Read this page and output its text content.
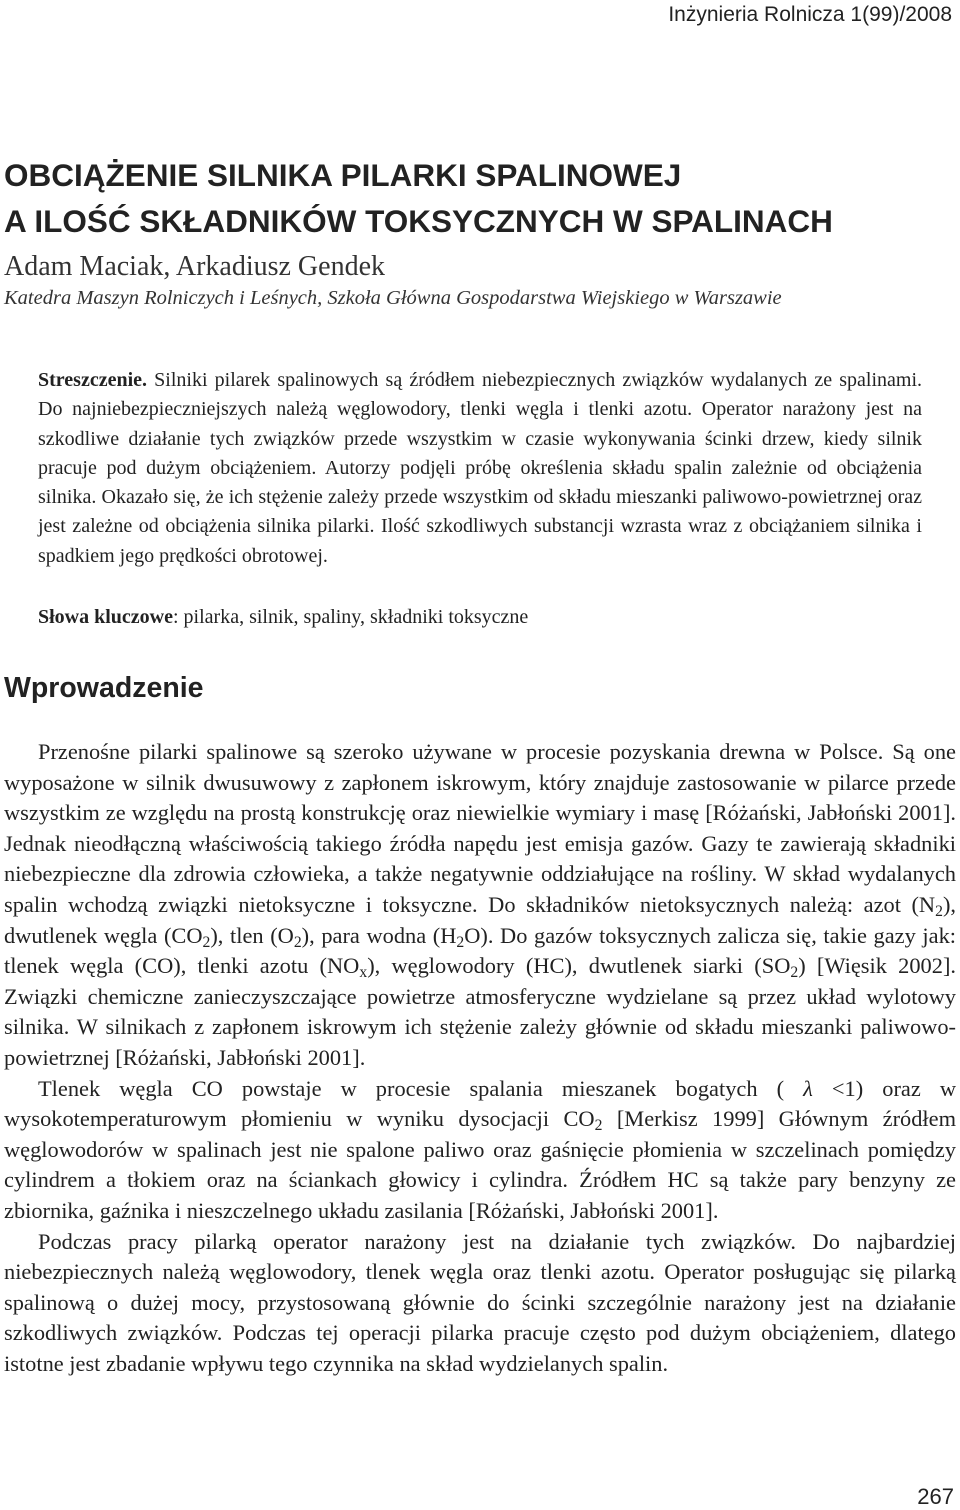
Inżynieria Rolnicza 1(99)/2008

OBCIĄŻENIE SILNIKA PILARKI SPALINOWEJ
A ILOŚĆ SKŁADNIKÓW TOKSYCZNYCH W SPALINACH

Adam Maciak, Arkadiusz Gendek

Katedra Maszyn Rolniczych i Leśnych, Szkoła Główna Gospodarstwa Wiejskiego w Warszawie

Streszczenie. Silniki pilarek spalinowych są źródłem niebezpiecznych związków wydalanych ze spalinami. Do najniebezpieczniejszych należą węglowodory, tlenki węgla i tlenki azotu. Operator narażony jest na szkodliwe działanie tych związków przede wszystkim w czasie wykonywania ścinki drzew, kiedy silnik pracuje pod dużym obciążeniem. Autorzy podjęli próbę określenia składu spalin zależnie od obciążenia silnika. Okazało się, że ich stężenie zależy przede wszystkim od składu mieszanki paliwowo-powietrznej oraz jest zależne od obciążenia silnika pilarki. Ilość szkodliwych substancji wzrasta wraz z obciążaniem silnika i spadkiem jego prędkości obrotowej.

Słowa kluczowe: pilarka, silnik, spaliny, składniki toksyczne

Wprowadzenie

Przenośne pilarki spalinowe są szeroko używane w procesie pozyskania drewna w Polsce. Są one wyposażone w silnik dwusuwowy z zapłonem iskrowym, który znajduje zastosowanie w pilarce przede wszystkim ze względu na prostą konstrukcję oraz niewielkie wymiary i masę [Różański, Jabłoński 2001]. Jednak nieodłączną właściwością takiego źródła napędu jest emisja gazów. Gazy te zawierają składniki niebezpieczne dla zdrowia człowieka, a także negatywnie oddziałujące na rośliny. W skład wydalanych spalin wchodzą związki nietoksyczne i toksyczne. Do składników nietoksycznych należą: azot $(N_2)$, dwutlenek węgla $(CO_2)$, tlen $(O_2)$, para wodna $(H_2O)$. Do gazów toksycznych zalicza się, takie gazy jak: tlenek węgla (CO), tlenki azotu $(NO_x)$, węglowodory (HC), dwutlenek siarki $(SO_2)$ [Więsik 2002]. Związki chemiczne zanieczyszczające powietrze atmosferyczne wydzielane są przez układ wylotowy silnika. W silnikach z zapłonem iskrowym ich stężenie zależy głównie od składu mieszanki paliwowo-powietrznej [Różański, Jabłoński 2001].

Tlenek węgla CO powstaje w procesie spalania mieszanek bogatych ( λ <1) oraz w wysokotemperaturowym płomieniu w wyniku dysocjacji $CO_2$ [Merkisz 1999] Głównym źródłem węglowodorów w spalinach jest nie spalone paliwo oraz gaśnięcie płomienia w szczelinach pomiędzy cylindrem a tłokiem oraz na ściankach głowicy i cylindra. Źródłem HC są także pary benzyny ze zbiornika, gaźnika i nieszczelnego układu zasilania [Różański, Jabłoński 2001].

Podczas pracy pilarką operator narażony jest na działanie tych związków. Do najbardziej niebezpiecznych należą węglowodory, tlenek węgla oraz tlenki azotu. Operator posługując się pilarką spalinową o dużej mocy, przystosowaną głównie do ścinki szczególnie narażony jest na działanie szkodliwych związków. Podczas tej operacji pilarka pracuje często pod dużym obciążeniem, dlatego istotne jest zbadanie wpływu tego czynnika na skład wydzielanych spalin.

267
